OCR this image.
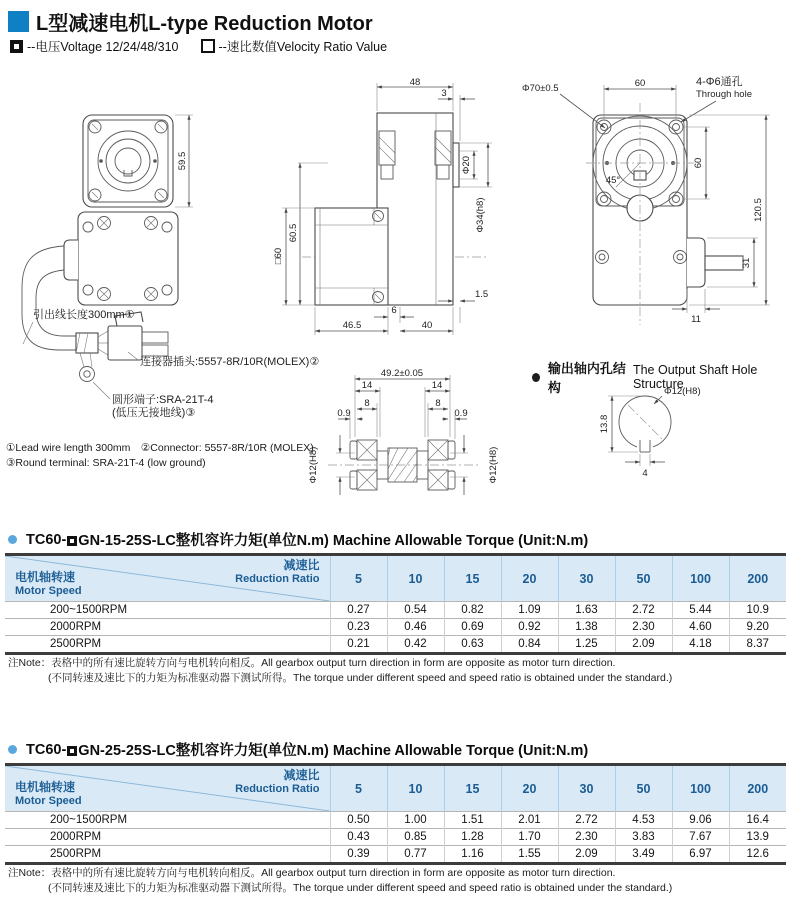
L型减速电机L-type Reduction Motor
--电压Voltage 12/24/48/310	--速比数值Velocity Ratio Value
59.5
引出线长度300mm①
连接器插头:5557-8R/10R(MOLEX)②
圆形端子:SRA-21T-4
(低压无接地线)③
48
3
Φ20
Φ34(h8)
60.5
□60
6
46.5	40
1.5
49.2±0.05
14	14
8	8
0.9	0.9
Φ12(H8)	Φ12(H8)
45°
60
Φ70±0.5
4-Φ6通孔
Through hole
60
120.5
31
11
输出轴内孔结构
The Output Shaft Hole Structure
Φ12(H8)
13.8
4
①Lead wire length 300mm　②Connector: 5557-8R/10R (MOLEX)
③Round terminal: SRA-21T-4 (low ground)
TC60- GN-15-25S-LC整机容许力矩(单位N.m) Machine Allowable Torque (Unit:N.m)
减速比
Reduction Ratio
电机轴转速
Motor Speed	5	10	15	20	30	50	100	200
200~1500RPM	0.27	0.54	0.82	1.09	1.63	2.72	5.44	10.9
2000RPM	0.23	0.46	0.69	0.92	1.38	2.30	4.60	9.20
2500RPM	0.21	0.42	0.63	0.84	1.25	2.09	4.18	8.37
注Note：表格中的所有速比旋转方向与电机转向相反。All gearbox output turn direction in form are opposite as motor turn direction.
(不同转速及速比下的力矩为标准驱动器下测试所得。The torque under different speed and speed ratio is obtained under the standard.)
TC60- GN-25-25S-LC整机容许力矩(单位N.m) Machine Allowable Torque (Unit:N.m)
减速比
Reduction Ratio
电机轴转速
Motor Speed	5	10	15	20	30	50	100	200
200~1500RPM	0.50	1.00	1.51	2.01	2.72	4.53	9.06	16.4
2000RPM	0.43	0.85	1.28	1.70	2.30	3.83	7.67	13.9
2500RPM	0.39	0.77	1.16	1.55	2.09	3.49	6.97	12.6
注Note：表格中的所有速比旋转方向与电机转向相反。All gearbox output turn direction in form are opposite as motor turn direction.
(不同转速及速比下的力矩为标准驱动器下测试所得。The torque under different speed and speed ratio is obtained under the standard.)
